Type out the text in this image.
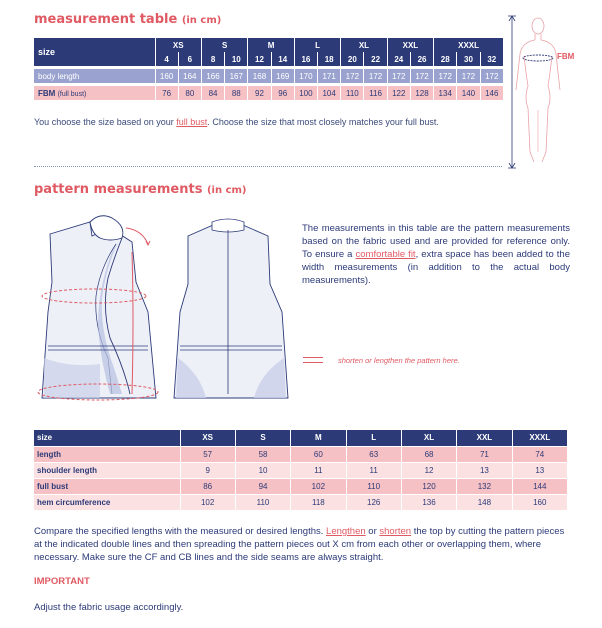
measurement table (in cm)
size	XS		S		M		L		XL		XXL		XXXL		
	4	6	8	10	12	14	16	18	20	22	24	26	28	30	32

body length	160	164	166	167	168	169	170	171	172	172	172	172	172	172	172

FBM (full bust)	76	80	84	88	92	96	100	104	110	116	122	128	134	140	146
You choose the size based on your full bust. Choose the size that most closely matches your full bust.
FBM
pattern measurements (in cm)
The measurements in this table are the pattern measurements based on the fabric used and are provided for reference only. To ensure a comfortable fit, extra space has been added to the width measurements (in addition to the actual body measurements).
shorten or lengthen the pattern here.
size	XS	S	M	L	XL	XXL	XXXL
length	57	58	60	63	68	71	74
shoulder length	9	10	11	11	12	13	13
full bust	86	94	102	110	120	132	144
hem circumference	102	110	118	126	136	148	160
Compare the specified lengths with the measured or desired lengths. Lengthen or shorten the top by cutting the pattern pieces at the indicated double lines and then spreading the pattern pieces out X cm from each other or overlapping them, where necessary. Make sure the CF and CB lines and the side seams are always straight.
IMPORTANT
Adjust the fabric usage accordingly.
